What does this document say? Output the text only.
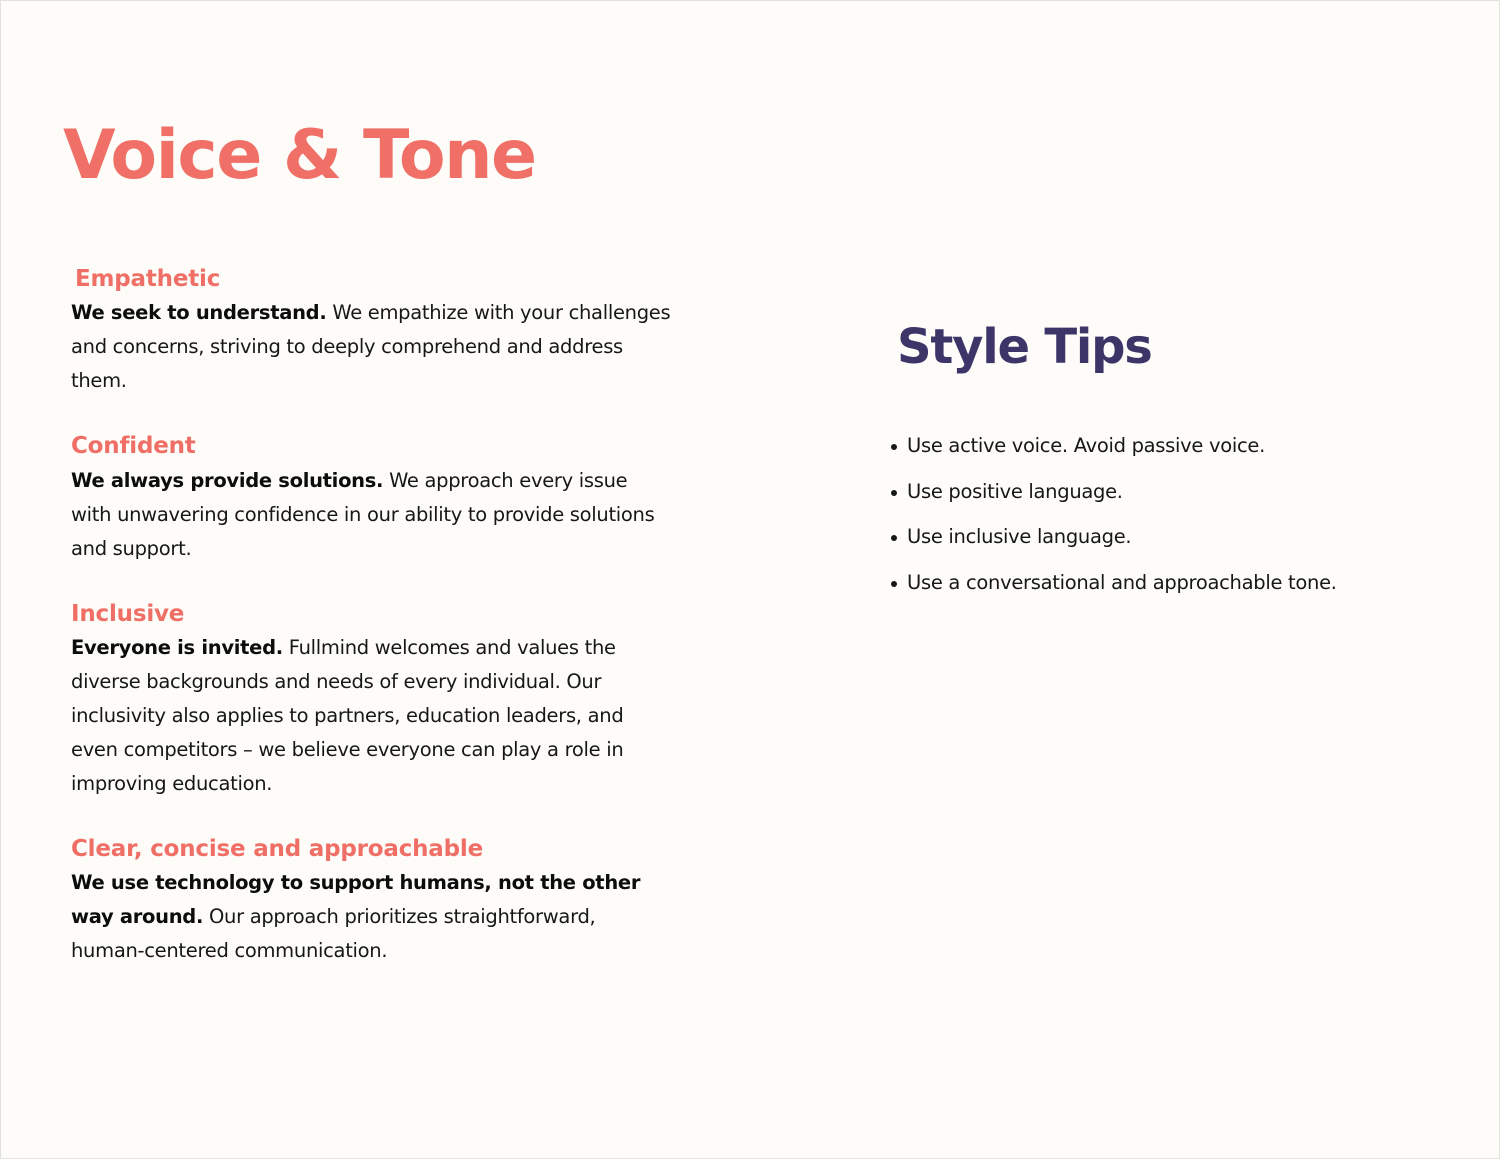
Voice & Tone
Empathetic

We seek to understand. We empathize with your challenges and concerns, striving to deeply comprehend and address them.

Confident

We always provide solutions. We approach every issue with unwavering confidence in our ability to provide solutions and support.

Inclusive

Everyone is invited. Fullmind welcomes and values the diverse backgrounds and needs of every individual. Our inclusivity also applies to partners, education leaders, and even competitors – we believe everyone can play a role in improving education.

Clear, concise and approachable

We use technology to support humans, not the other way around. Our approach prioritizes straightforward, human-centered communication.

Style Tips
Use active voice. Avoid passive voice.
Use positive language.
Use inclusive language.
Use a conversational and approachable tone.
